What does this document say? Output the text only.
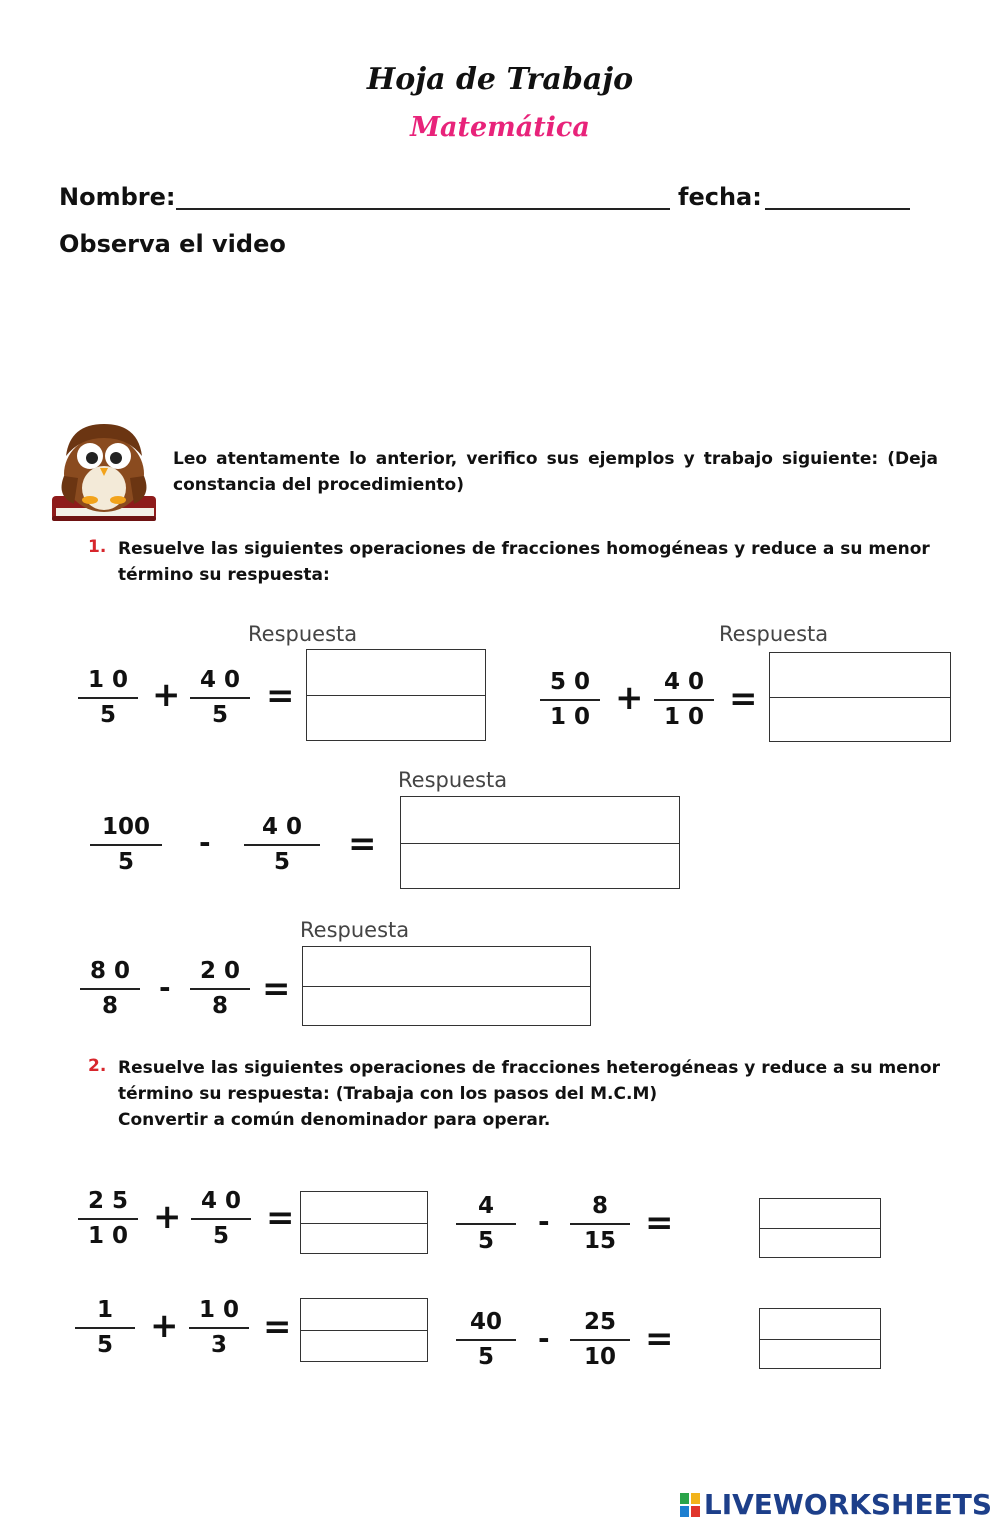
Hoja de Trabajo
Matemática
Nombre:	fecha:
Observa el video
Leo atentamente lo anterior, verifico sus ejemplos y trabajo siguiente: (Deja constancia del procedimiento)
1. Resuelve las siguientes operaciones de fracciones homogéneas y reduce a su menor término su respuesta:
Respuesta
$\frac{1 0}{5} + \frac{4 0}{5}$ =
Respuesta
$\frac{5 0}{1 0} + \frac{4 0}{1 0}$ =
Respuesta
$\frac{100}{5} - \frac{4 0}{5}$ =
Respuesta
$\frac{8 0}{8} - \frac{2 0}{8}$ =
2. Resuelve las siguientes operaciones de fracciones heterogéneas y reduce a su menor término su respuesta: (Trabaja con los pasos del M.C.M)
Convertir a común denominador para operar.
$\frac{2 5}{1 0} + \frac{4 0}{5}$ =	$\frac{4}{5} - \frac{8}{15}$ =
$\frac{1}{5} + \frac{1 0}{3}$ =	$\frac{40}{5} - \frac{25}{10}$ =
LIVEWORKSHEETS
